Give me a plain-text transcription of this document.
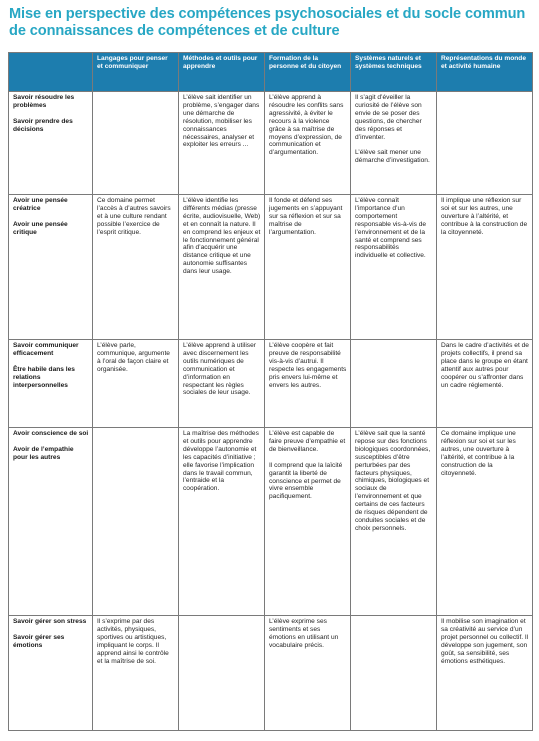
Mise en perspective des compétences psychosociales et du socle commun de connaissances de compétences et de culture
	Langages pour penser et communiquer	Méthodes et outils pour apprendre	Formation de la personne et du citoyen	Systèmes naturels et systèmes techniques	Représentations du monde et activité humaine

Savoir résoudre les problèmes
Savoir prendre des décisions		L’élève sait identifier un problème, s’engager dans une démarche de résolution, mobiliser les connaissances nécessaires, analyser et exploiter les erreurs ...	L’élève apprend à résoudre les conflits sans agressivité, à éviter le recours à la violence grâce à sa maîtrise de moyens d’expression, de communication et d’argumentation.	Il s’agit d’éveiller la curiosité de l’élève son envie de se poser des questions, de chercher des réponses et d’inventer.
L’élève sait mener une démarche d’investigation.	

Avoir une pensée créatrice
Avoir une pensée critique	Ce domaine permet l’accès à d’autres savoirs et à une culture rendant possible l’exercice de l’esprit critique.	L’élève identifie les différents médias (presse écrite, audiovisuelle, Web) et en connaît la nature. Il en comprend les enjeux et le fonctionnement général afin d’acquérir une distance critique et une autonomie suffisantes dans leur usage.	Il fonde et défend ses jugements en s’appuyant sur sa réflexion et sur sa maîtrise de l’argumentation.	L’élève connaît l’importance d’un comportement responsable vis-à-vis de l’environnement et de la santé et comprend ses responsabilités individuelle et collective.	Il implique une réflexion sur soi et sur les autres, une ouverture à l’altérité, et contribue à la construction de la citoyenneté.

Savoir communiquer efficacement
Être habile dans les relations interpersonnelles	L’élève parle, communique, argumente à l’oral de façon claire et organisée.	L’élève apprend à utiliser avec discernement les outils numériques de communication et d’information en respectant les règles sociales de leur usage.	L’élève coopère et fait preuve de responsabilité vis-à-vis d’autrui. Il respecte les engagements pris envers lui-même et envers les autres.		Dans le cadre d’activités et de projets collectifs, il prend sa place dans le groupe en étant attentif aux autres pour coopérer ou s’affronter dans un cadre réglementé.

Avoir conscience de soi
Avoir de l’empathie pour les autres		La maîtrise des méthodes et outils pour apprendre développe l’autonomie et les capacités d’initiative ; elle favorise l’implication dans le travail commun, l’entraide et la coopération.	L’élève est capable de faire preuve d’empathie et de bienveillance.
Il comprend que la laïcité garantit la liberté de conscience et permet de vivre ensemble pacifiquement.	L’élève sait que la santé repose sur des fonctions biologiques coordonnées, susceptibles d’être perturbées par des facteurs physiques, chimiques, biologiques et sociaux de l’environnement et que certains de ces facteurs de risques dépendent de conduites sociales et de choix personnels.	Ce domaine implique une réflexion sur soi et sur les autres, une ouverture à l’altérité, et contribue à la construction de la citoyenneté.

Savoir gérer son stress
Savoir gérer ses émotions	Il s’exprime par des activités, physiques, sportives ou artistiques, impliquant le corps. Il apprend ainsi le contrôle et la maîtrise de soi.		L’élève exprime ses sentiments et ses émotions en utilisant un vocabulaire précis.		Il mobilise son imagination et sa créativité au service d’un projet personnel ou collectif. Il développe son jugement, son goût, sa sensibilité, ses émotions esthétiques.
